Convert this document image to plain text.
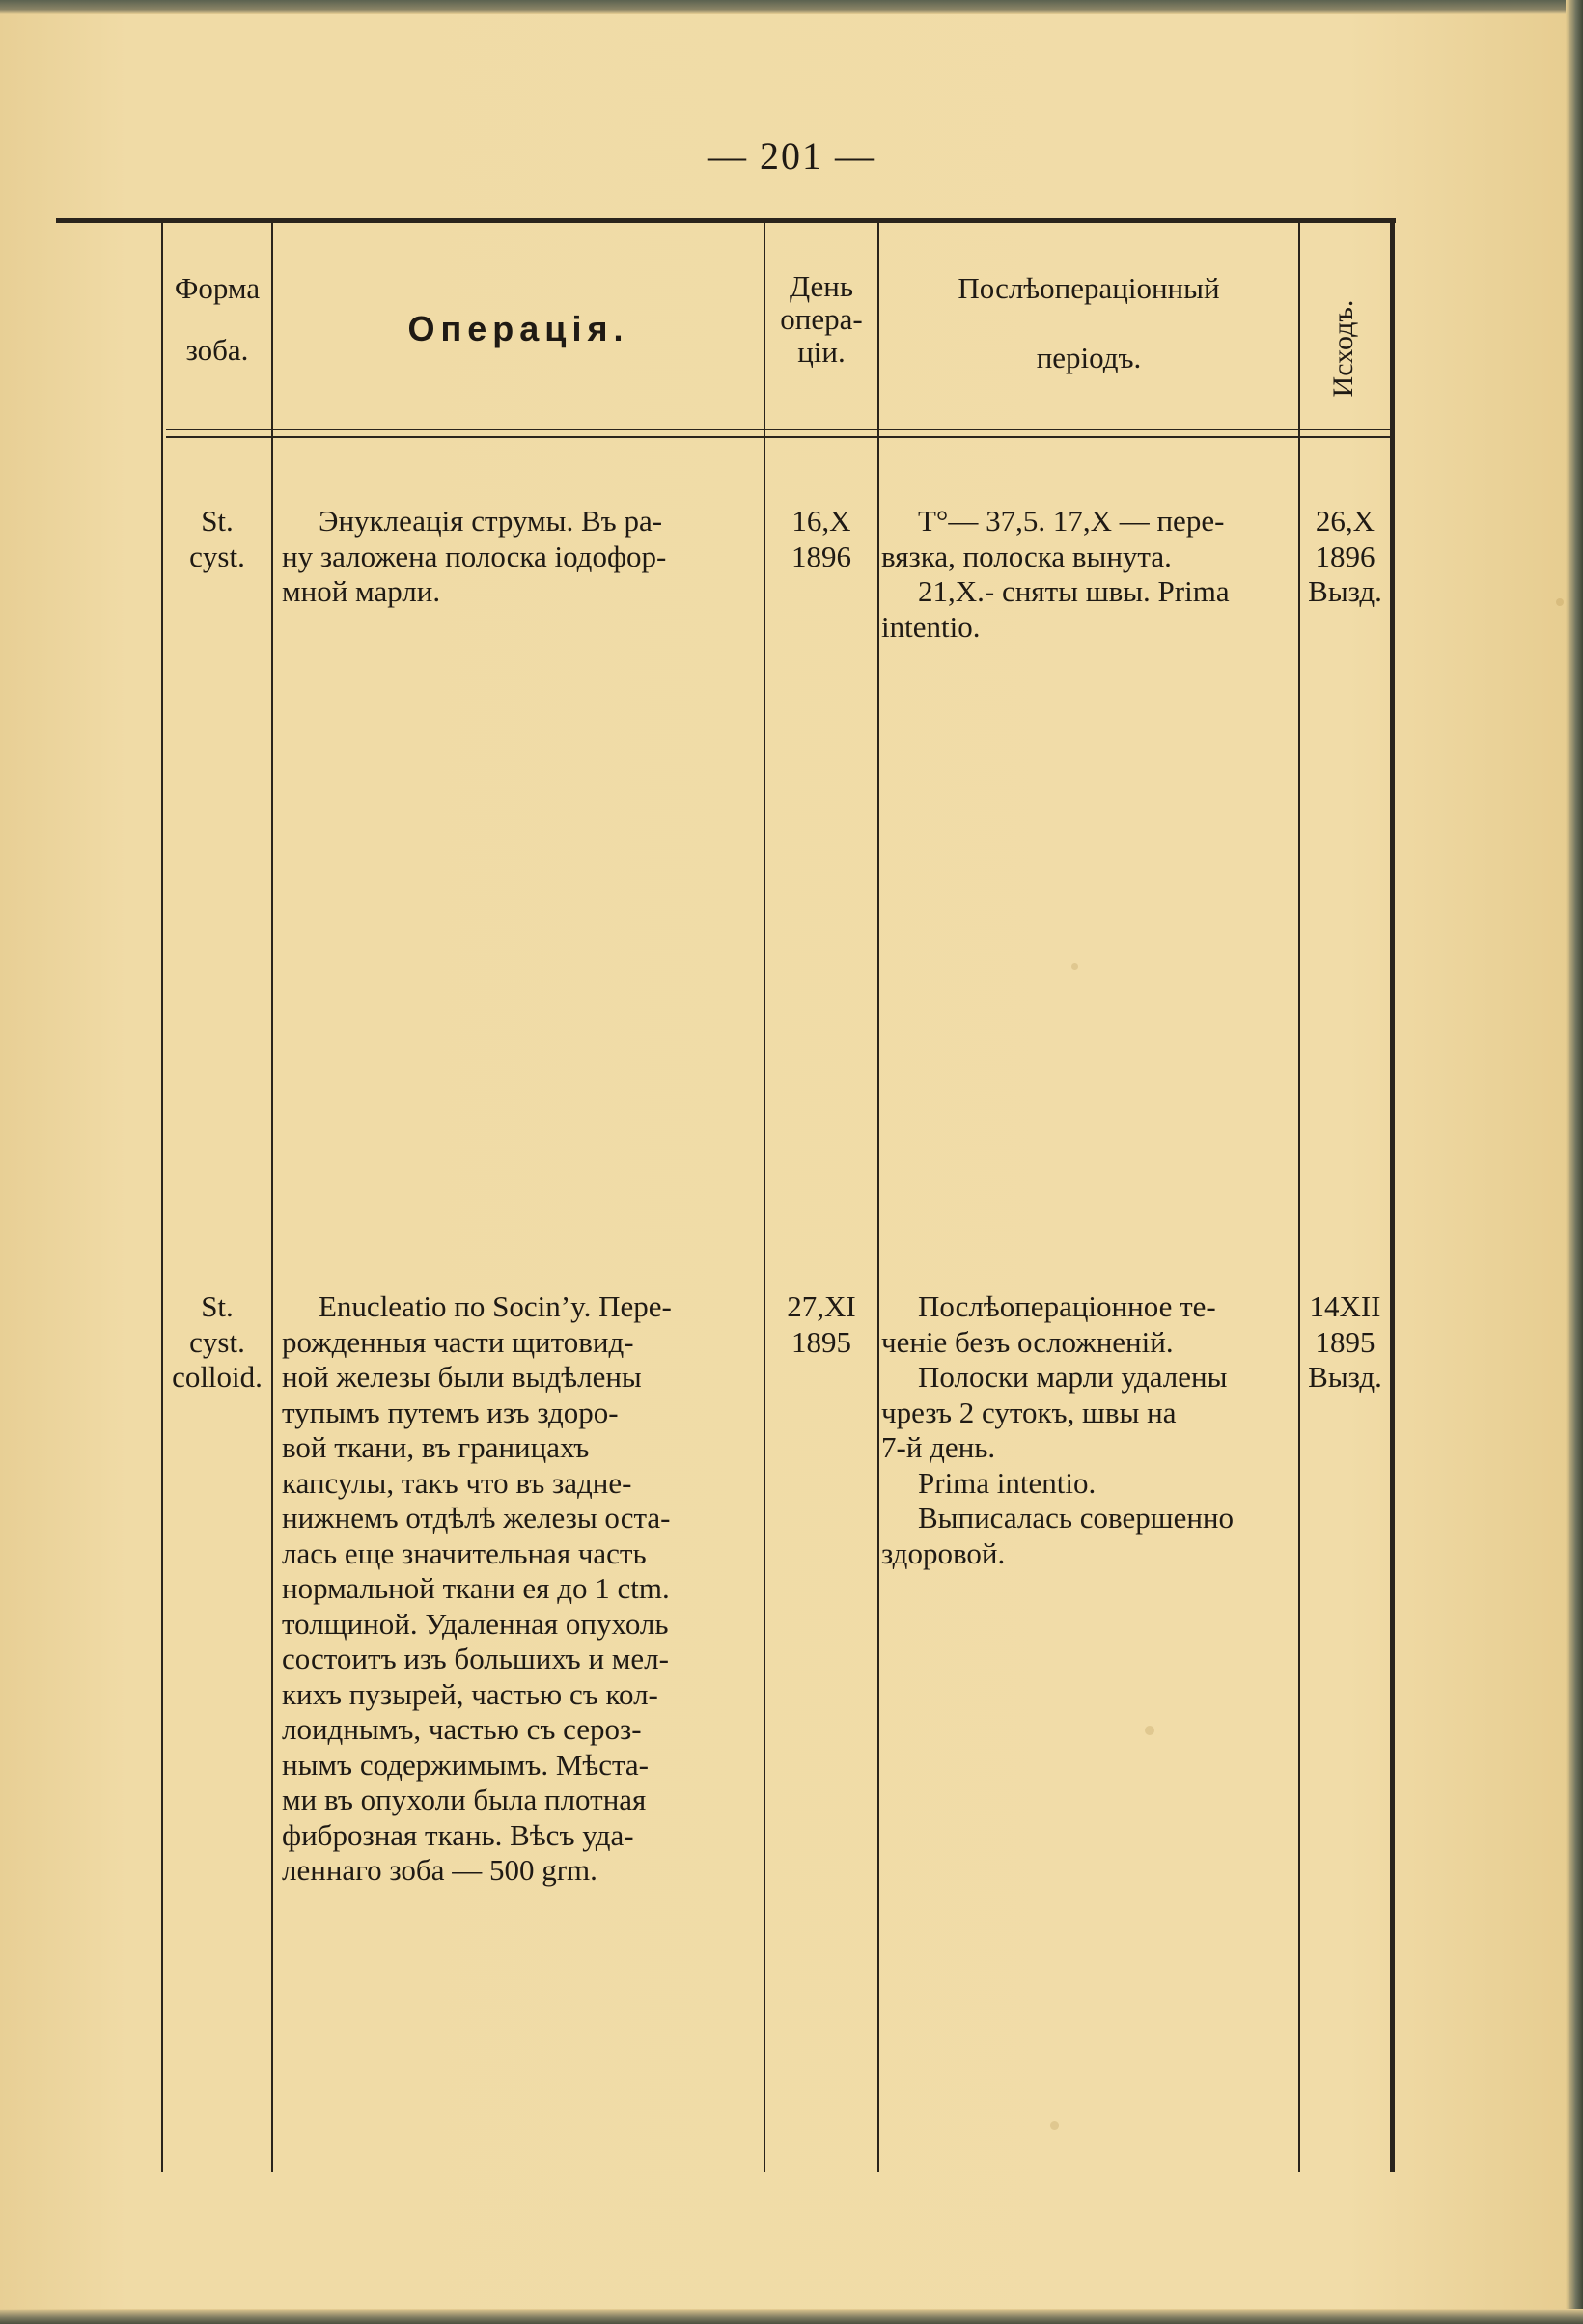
— 201 —
Форма
зоба.
Операція.
День
опера-
ціи.
Послѣопераціонный
періодъ.	Исходъ.
St.
cyst.
Энуклеація струмы. Въ ра-
ну заложена полоска іодофор-
мной марли.
16,X
1896
Т°— 37,5. 17,X — пере-
вязка, полоска вынута.
21,X.- сняты швы. Prima
intentio.
26,X
1896
Вызд.
St.
cyst.
colloid.
Enucleatio по Socin’y. Пере-
рожденныя части щитовид-
ной железы были выдѣлены
тупымъ путемъ изъ здоро-
вой ткани, въ границахъ
капсулы, такъ что въ задне-
нижнемъ отдѣлѣ железы оста-
лась еще значительная часть
нормальной ткани ея до 1 ctm.
толщиной. Удаленная опухоль
состоитъ изъ большихъ и мел-
кихъ пузырей, частью съ кол-
лоиднымъ, частью съ сероз-
нымъ содержимымъ. Мѣста-
ми въ опухоли была плотная
фиброзная ткань. Вѣсъ уда-
леннаго зоба — 500 grm.
27,XI
1895
Послѣопераціонное те-
ченіе безъ осложненій.
Полоски марли удалены
чрезъ 2 сутокъ, швы на
7-й день.
Prima intentio.
Выписалась совершенно
здоровой.
14XII
1895
Вызд.
